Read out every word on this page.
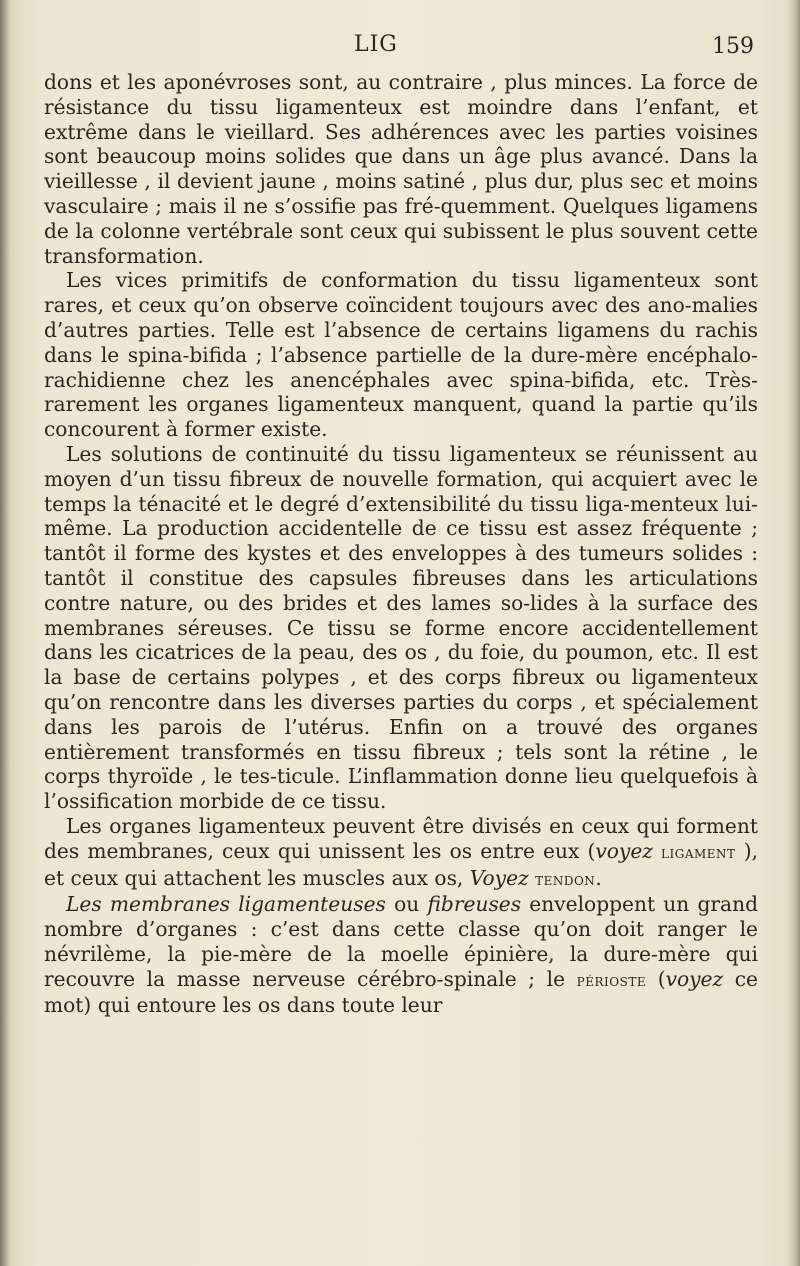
LIG	159

dons et les aponévroses sont, au contraire , plus minces. La force de résistance du tissu ligamenteux est moindre dans l’enfant, et extrême dans le vieillard. Ses adhérences avec les parties voisines sont beaucoup moins solides que dans un âge plus avancé. Dans la vieillesse , il devient jaune , moins satiné , plus dur, plus sec et moins vasculaire ; mais il ne s’ossifie pas fré-quemment. Quelques ligamens de la colonne vertébrale sont ceux qui subissent le plus souvent cette transformation.

Les vices primitifs de conformation du tissu ligamenteux sont rares, et ceux qu’on observe coïncident toujours avec des ano-malies d’autres parties. Telle est l’absence de certains ligamens du rachis dans le spina-bifida ; l’absence partielle de la dure-mère encéphalo-rachidienne chez les anencéphales avec spina-bifida, etc. Très-rarement les organes ligamenteux manquent, quand la partie qu’ils concourent à former existe.

Les solutions de continuité du tissu ligamenteux se réunissent au moyen d’un tissu fibreux de nouvelle formation, qui acquiert avec le temps la ténacité et le degré d’extensibilité du tissu liga-menteux lui-même. La production accidentelle de ce tissu est assez fréquente ; tantôt il forme des kystes et des enveloppes à des tumeurs solides : tantôt il constitue des capsules fibreuses dans les articulations contre nature, ou des brides et des lames so-lides à la surface des membranes séreuses. Ce tissu se forme encore accidentellement dans les cicatrices de la peau, des os , du foie, du poumon, etc. Il est la base de certains polypes , et des corps fibreux ou ligamenteux qu’on rencontre dans les diverses parties du corps , et spécialement dans les parois de l’utérus. Enfin on a trouvé des organes entièrement transformés en tissu fibreux ; tels sont la rétine , le corps thyroïde , le tes-ticule. L’inflammation donne lieu quelquefois à l’ossification morbide de ce tissu.

Les organes ligamenteux peuvent être divisés en ceux qui forment des membranes, ceux qui unissent les os entre eux (voyez ligament ), et ceux qui attachent les muscles aux os, Voyez tendon.

Les membranes ligamenteuses ou fibreuses enveloppent un grand nombre d’organes : c’est dans cette classe qu’on doit ranger le névrilème, la pie-mère de la moelle épinière, la dure-mère qui recouvre la masse nerveuse cérébro-spinale ; le périoste (voyez ce mot) qui entoure les os dans toute leur
